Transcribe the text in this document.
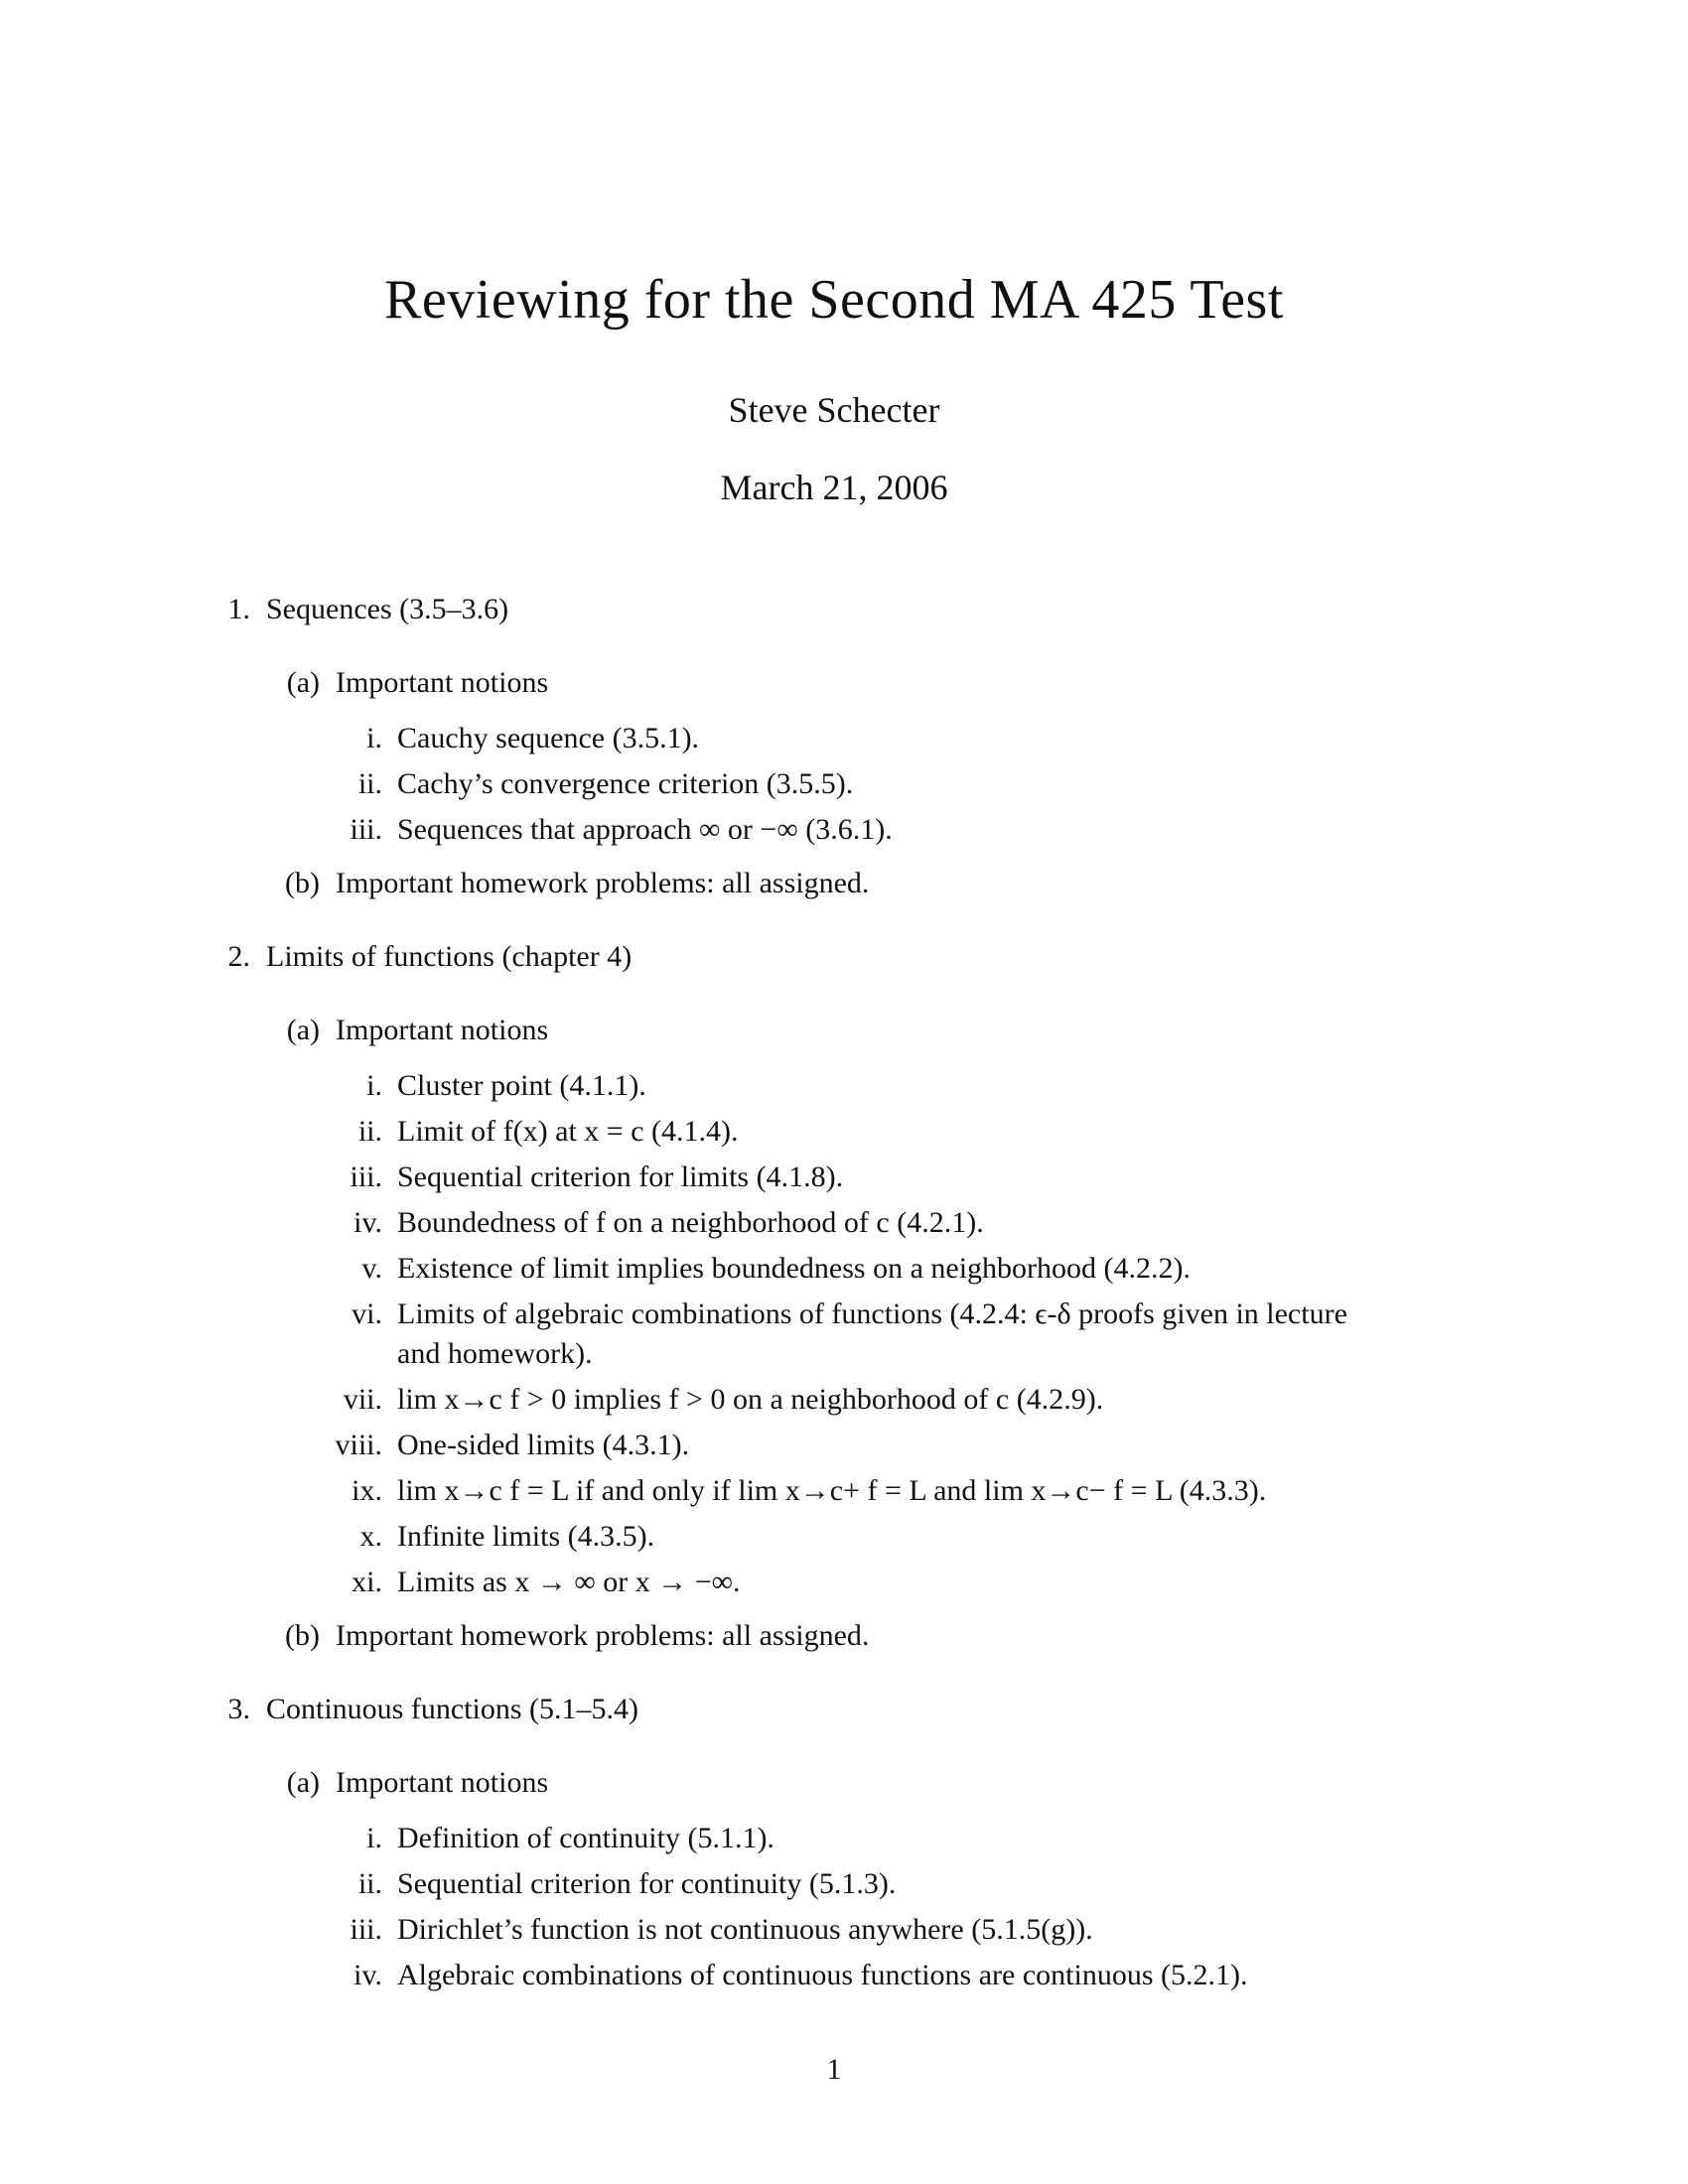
Reviewing for the Second MA 425 Test
Steve Schecter
March 21, 2006
1. Sequences (3.5–3.6)
(a) Important notions
i. Cauchy sequence (3.5.1).
ii. Cachy’s convergence criterion (3.5.5).
iii. Sequences that approach ∞ or −∞ (3.6.1).
(b) Important homework problems: all assigned.
2. Limits of functions (chapter 4)
(a) Important notions
i. Cluster point (4.1.1).
ii. Limit of f(x) at x = c (4.1.4).
iii. Sequential criterion for limits (4.1.8).
iv. Boundedness of f on a neighborhood of c (4.2.1).
v. Existence of limit implies boundedness on a neighborhood (4.2.2).
vi. Limits of algebraic combinations of functions (4.2.4: ϵ-δ proofs given in lecture
and homework).
vii. lim x→c f > 0 implies f > 0 on a neighborhood of c (4.2.9).
viii. One-sided limits (4.3.1).
ix. lim x→c f = L if and only if lim x→c+ f = L and lim x→c− f = L (4.3.3).
x. Infinite limits (4.3.5).
xi. Limits as x → ∞ or x → −∞.
(b) Important homework problems: all assigned.
3. Continuous functions (5.1–5.4)
(a) Important notions
i. Definition of continuity (5.1.1).
ii. Sequential criterion for continuity (5.1.3).
iii. Dirichlet’s function is not continuous anywhere (5.1.5(g)).
iv. Algebraic combinations of continuous functions are continuous (5.2.1).
1
